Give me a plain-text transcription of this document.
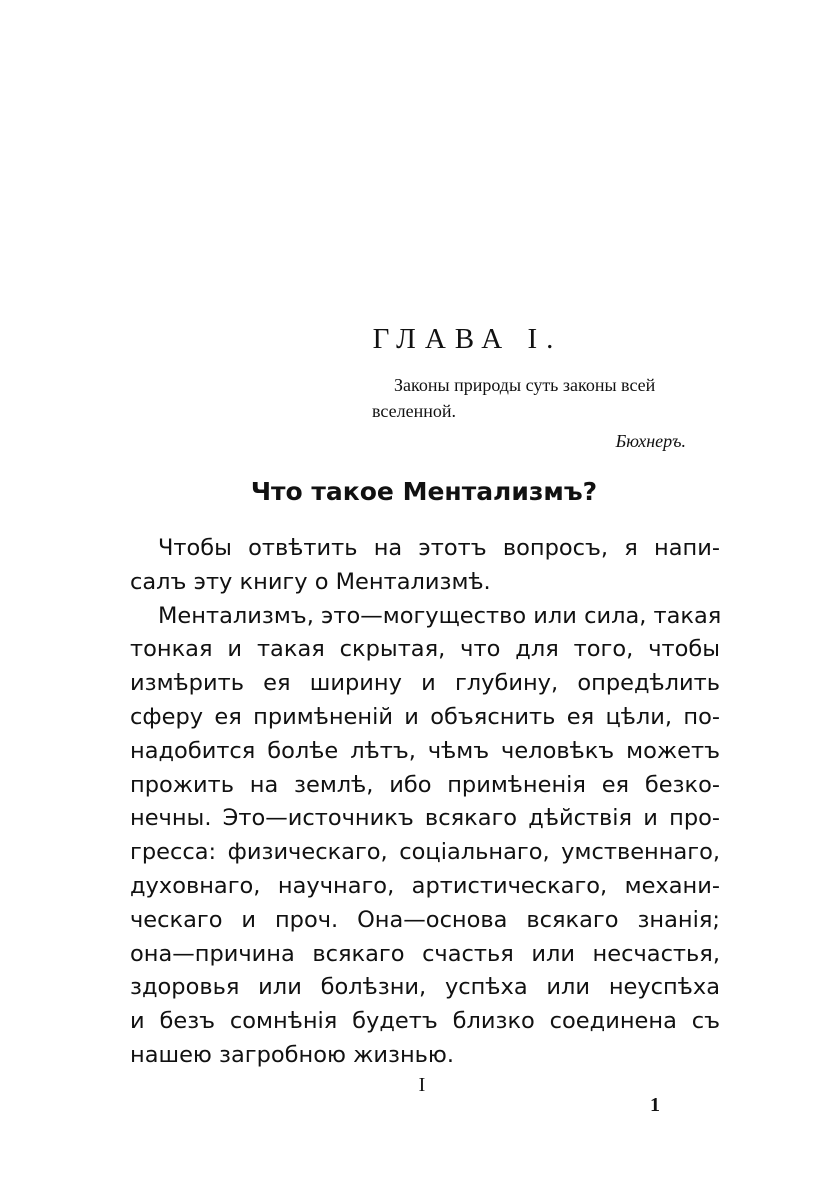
ГЛАВА I.
Законы природы суть законы всей
вселенной.
Бюхнеръ.
Что такое Ментализмъ?
Чтобы отвѣтить на этотъ вопросъ, я напи-
салъ эту книгу о Ментализмѣ.
Ментализмъ, это—могущество или сила, такая
тонкая и такая скрытая, что для того, чтобы
измѣрить ея ширину и глубину, опредѣлить
сферу ея примѣненій и объяснить ея цѣли, по-
надобится болѣе лѣтъ, чѣмъ человѣкъ можетъ
прожить на землѣ, ибо примѣненія ея безко-
нечны. Это—источникъ всякаго дѣйствія и про-
гресса: физическаго, соціальнаго, умственнаго,
духовнаго, научнаго, артистическаго, механи-
ческаго и проч. Она—основа всякаго знанія;
она—причина всякаго счастья или несчастья,
здоровья или болѣзни, успѣха или неуспѣха
и безъ сомнѣнія будетъ близко соединена съ
нашею загробною жизнью.
I
1
